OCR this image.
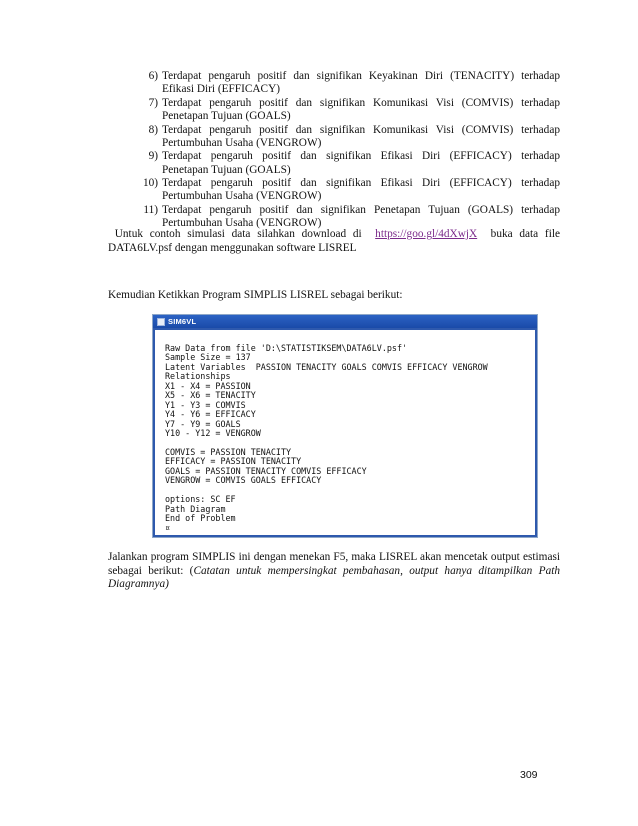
6) Terdapat pengaruh positif dan signifikan Keyakinan Diri (TENACITY) terhadap
Efikasi Diri (EFFICACY)
7) Terdapat pengaruh positif dan signifikan Komunikasi Visi (COMVIS) terhadap
Penetapan Tujuan (GOALS)
8) Terdapat pengaruh positif dan signifikan Komunikasi Visi (COMVIS) terhadap
Pertumbuhan Usaha (VENGROW)
9) Terdapat pengaruh positif dan signifikan Efikasi Diri (EFFICACY) terhadap
Penetapan Tujuan (GOALS)
10) Terdapat pengaruh positif dan signifikan Efikasi Diri (EFFICACY) terhadap
Pertumbuhan Usaha (VENGROW)
11) Terdapat pengaruh positif dan signifikan Penetapan Tujuan (GOALS) terhadap
Pertumbuhan Usaha (VENGROW)

Untuk contoh simulasi data silahkan download di https://goo.gl/4dXwjX buka data file DATA6LV.psf dengan menggunakan software LISREL

Kemudian Ketikkan Program SIMPLIS LISREL sebagai berikut:

SIM6VL
Raw Data from file 'D:\STATISTIKSEM\DATA6LV.psf'
Sample Size = 137
Latent Variables  PASSION TENACITY GOALS COMVIS EFFICACY VENGROW
Relationships
X1 - X4 = PASSION
X5 - X6 = TENACITY
Y1 - Y3 = COMVIS
Y4 - Y6 = EFFICACY
Y7 - Y9 = GOALS
Y10 - Y12 = VENGROW
COMVIS = PASSION TENACITY
EFFICACY = PASSION TENACITY
GOALS = PASSION TENACITY COMVIS EFFICACY
VENGROW = COMVIS GOALS EFFICACY
options: SC EF
Path Diagram
End of Problem
¤

Jalankan program SIMPLIS ini dengan menekan F5, maka LISREL akan mencetak output estimasi sebagai berikut: (Catatan untuk mempersingkat pembahasan, output hanya ditampilkan Path Diagramnya)

309
